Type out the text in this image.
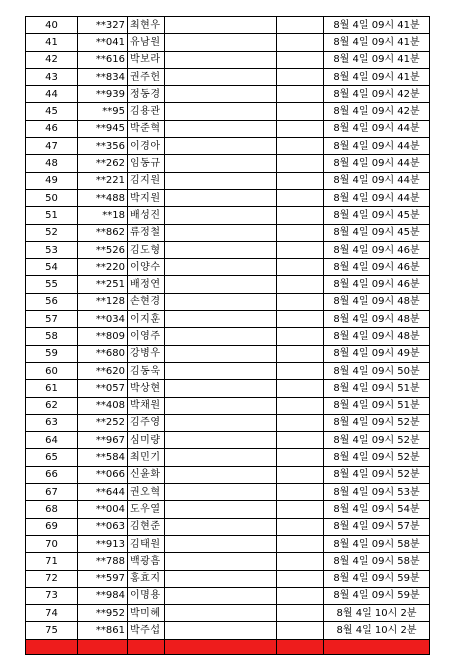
40	**327	최현우			8월 4일 09시 41분
41	**041	유남원			8월 4일 09시 41분
42	**616	박보라			8월 4일 09시 41분
43	**834	권주헌			8월 4일 09시 41분
44	**939	정동경			8월 4일 09시 42분
45	**95	김용관			8월 4일 09시 42분
46	**945	박준혁			8월 4일 09시 44분
47	**356	이경아			8월 4일 09시 44분
48	**262	임동규			8월 4일 09시 44분
49	**221	김지원			8월 4일 09시 44분
50	**488	박지원			8월 4일 09시 44분
51	**18	배성진			8월 4일 09시 45분
52	**862	류정철			8월 4일 09시 45분
53	**526	김도형			8월 4일 09시 46분
54	**220	이양수			8월 4일 09시 46분
55	**251	배정연			8월 4일 09시 46분
56	**128	손현경			8월 4일 09시 48분
57	**034	이지훈			8월 4일 09시 48분
58	**809	이영주			8월 4일 09시 48분
59	**680	강병우			8월 4일 09시 49분
60	**620	김동욱			8월 4일 09시 50분
61	**057	박상현			8월 4일 09시 51분
62	**408	박채원			8월 4일 09시 51분
63	**252	김주영			8월 4일 09시 52분
64	**967	심미량			8월 4일 09시 52분
65	**584	최민기			8월 4일 09시 52분
66	**066	신윤화			8월 4일 09시 52분
67	**644	권오혁			8월 4일 09시 53분
68	**004	도우열			8월 4일 09시 54분
69	**063	김현준			8월 4일 09시 57분
70	**913	김태원			8월 4일 09시 58분
71	**788	백광흠			8월 4일 09시 58분
72	**597	홍효지			8월 4일 09시 59분
73	**984	이명용			8월 4일 09시 59분
74	**952	박미혜			8월 4일 10시 2분
75	**861	박주섭			8월 4일 10시 2분
